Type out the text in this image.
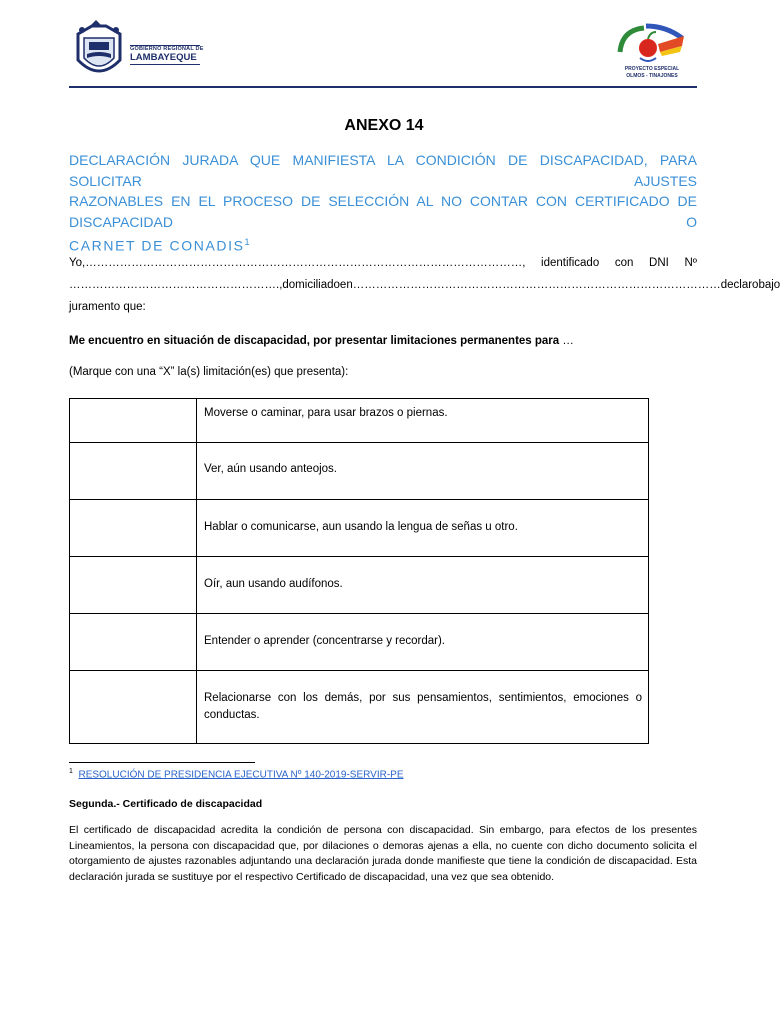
GOBIERNO REGIONAL DE
LAMBAYEQUE
PROYECTO ESPECIAL
OLMOS - TINAJONES
ANEXO 14
DECLARACIÓN JURADA QUE MANIFIESTA LA CONDICIÓN DE DISCAPACIDAD, PARA SOLICITAR AJUSTES
RAZONABLES EN EL PROCESO DE SELECCIÓN AL NO CONTAR CON CERTIFICADO DE DISCAPACIDAD O
CARNET DE CONADIS$^1$
Yo,……………………………………………………………………………………………………, identificado con DNI Nº
………………………………………………., domiciliado en …………………………………………………………………………………… declaro bajo
juramento que:
Me encuentro en situación de discapacidad, por presentar limitaciones permanentes para …
(Marque con una “X” la(s) limitación(es) que presenta):

	Moverse o caminar, para usar brazos o piernas.

	Ver, aún usando anteojos.

	Hablar o comunicarse, aun usando la lengua de señas u otro.

	Oír, aun usando audífonos.

	Entender o aprender (concentrarse y recordar).

	Relacionarse con los demás, por sus pensamientos, sentimientos, emociones o conductas.
$^1$ RESOLUCIÓN DE PRESIDENCIA EJECUTIVA Nº 140-2019-SERVIR-PE
Segunda.- Certificado de discapacidad
El certificado de discapacidad acredita la condición de persona con discapacidad. Sin embargo, para efectos de los presentes Lineamientos, la persona con discapacidad que, por dilaciones o demoras ajenas a ella, no cuente con dicho documento solicita el otorgamiento de ajustes razonables adjuntando una declaración jurada donde manifieste que tiene la condición de discapacidad. Esta declaración jurada se sustituye por el respectivo Certificado de discapacidad, una vez que sea obtenido.
